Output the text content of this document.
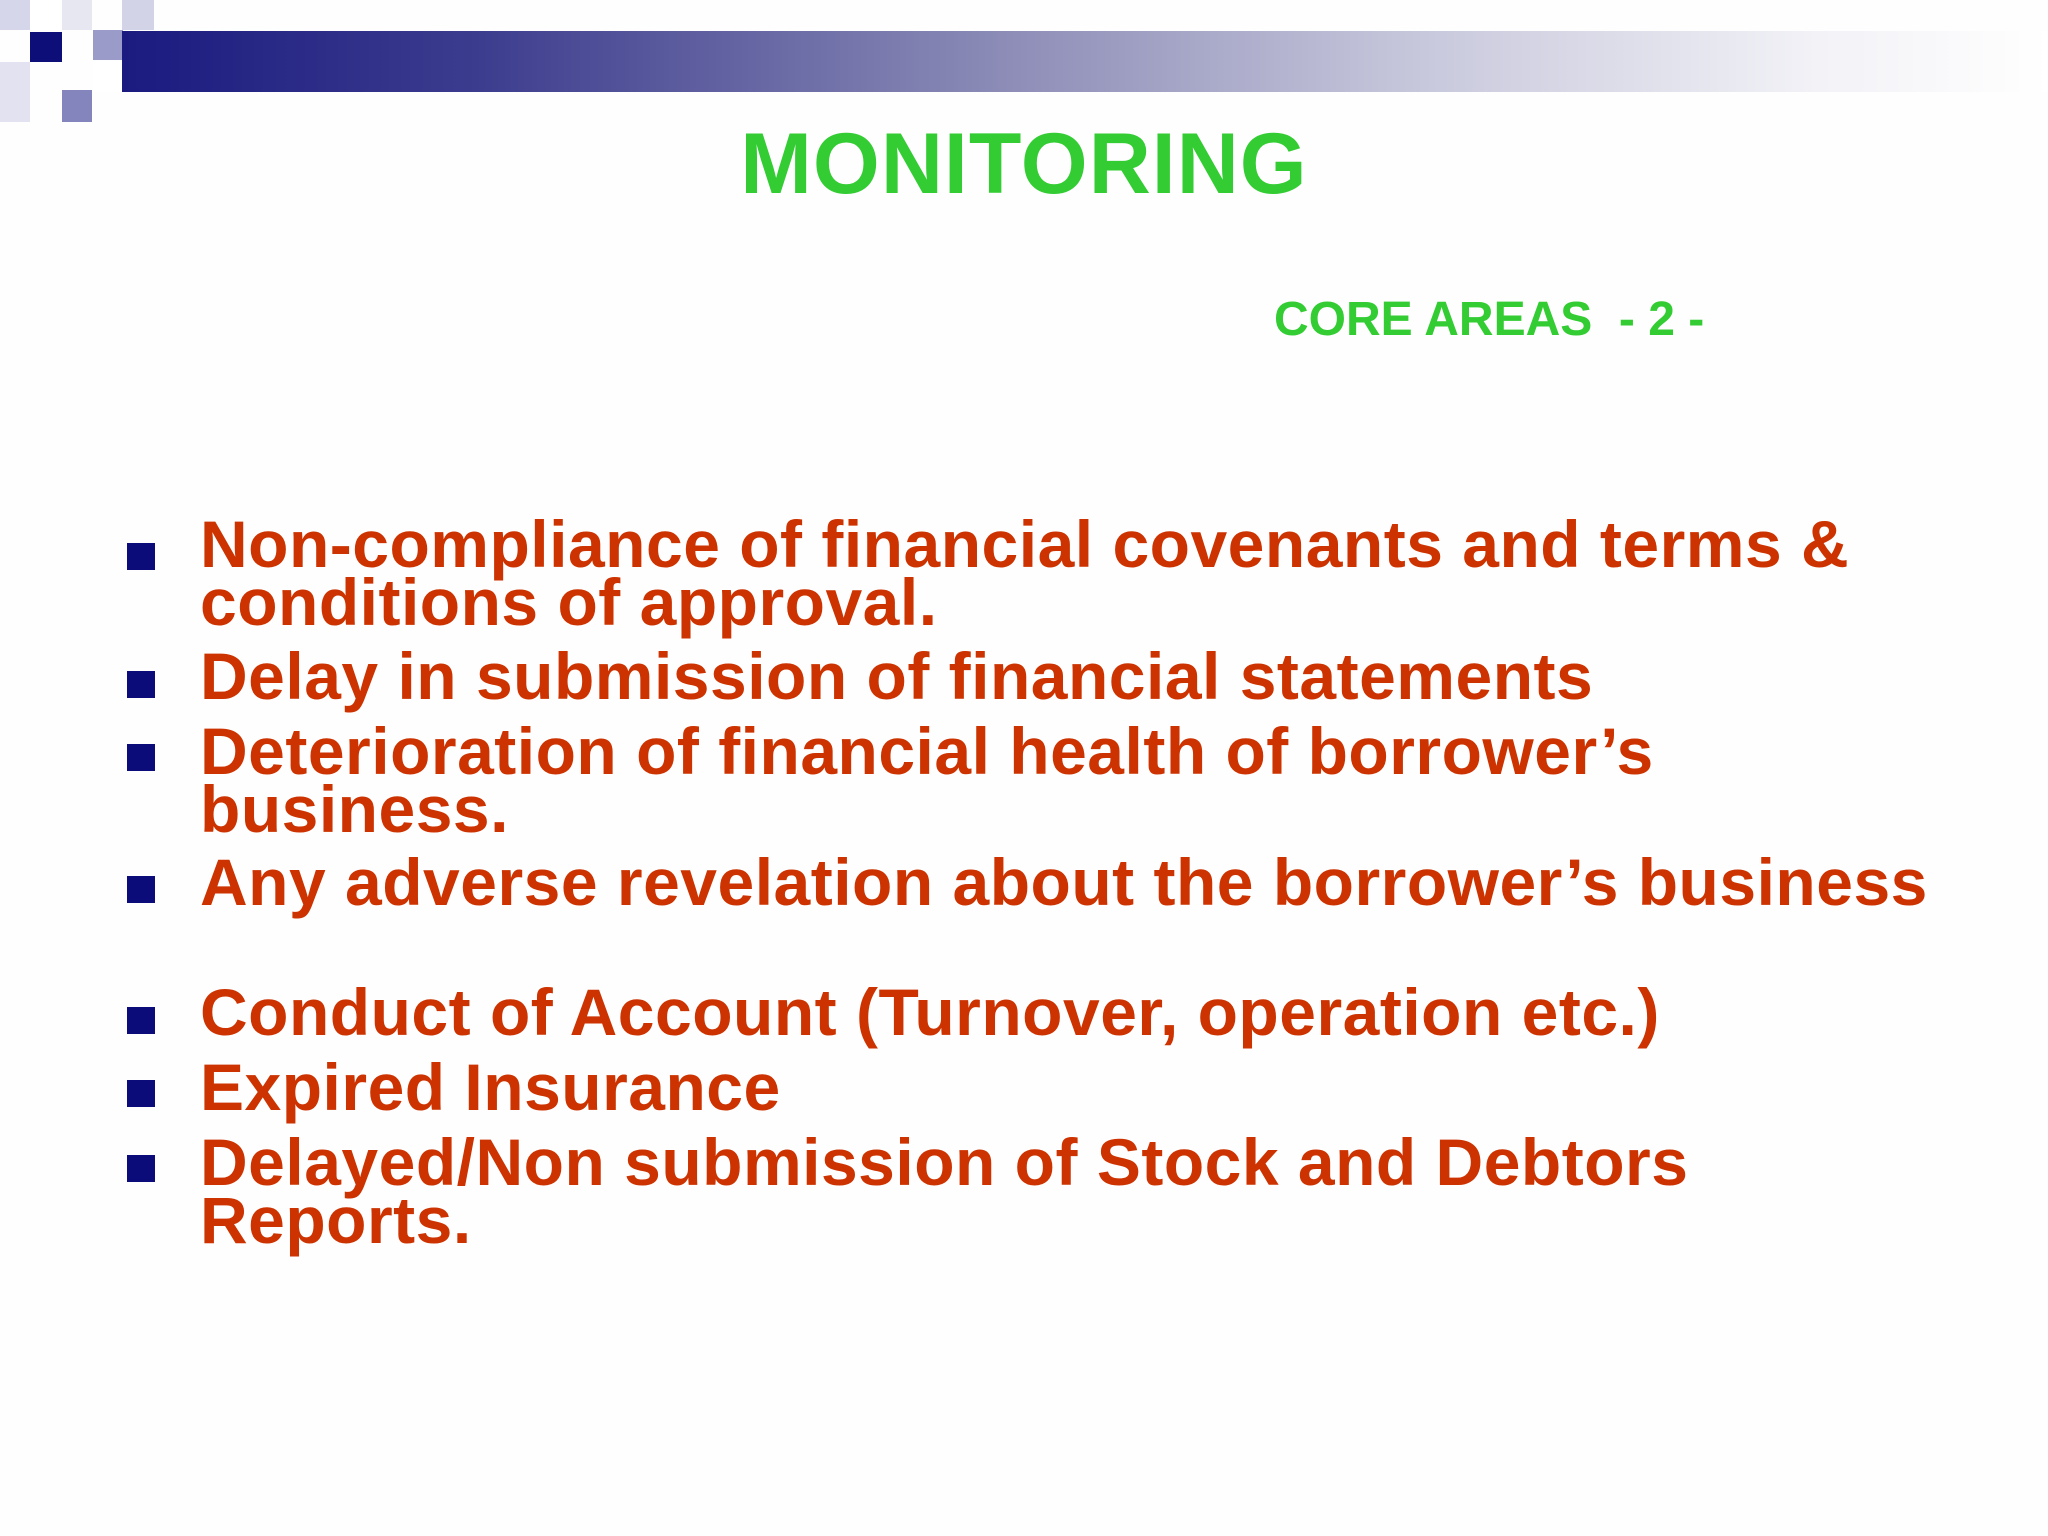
MONITORING
CORE AREAS  - 2 -
Non-compliance of financial covenants and terms & conditions of approval.
Delay in submission of financial statements
Deterioration of financial health of borrower’s business.
Any adverse revelation about the borrower’s business
Conduct of Account (Turnover, operation etc.)
Expired Insurance
Delayed/Non submission of Stock and Debtors Reports.
